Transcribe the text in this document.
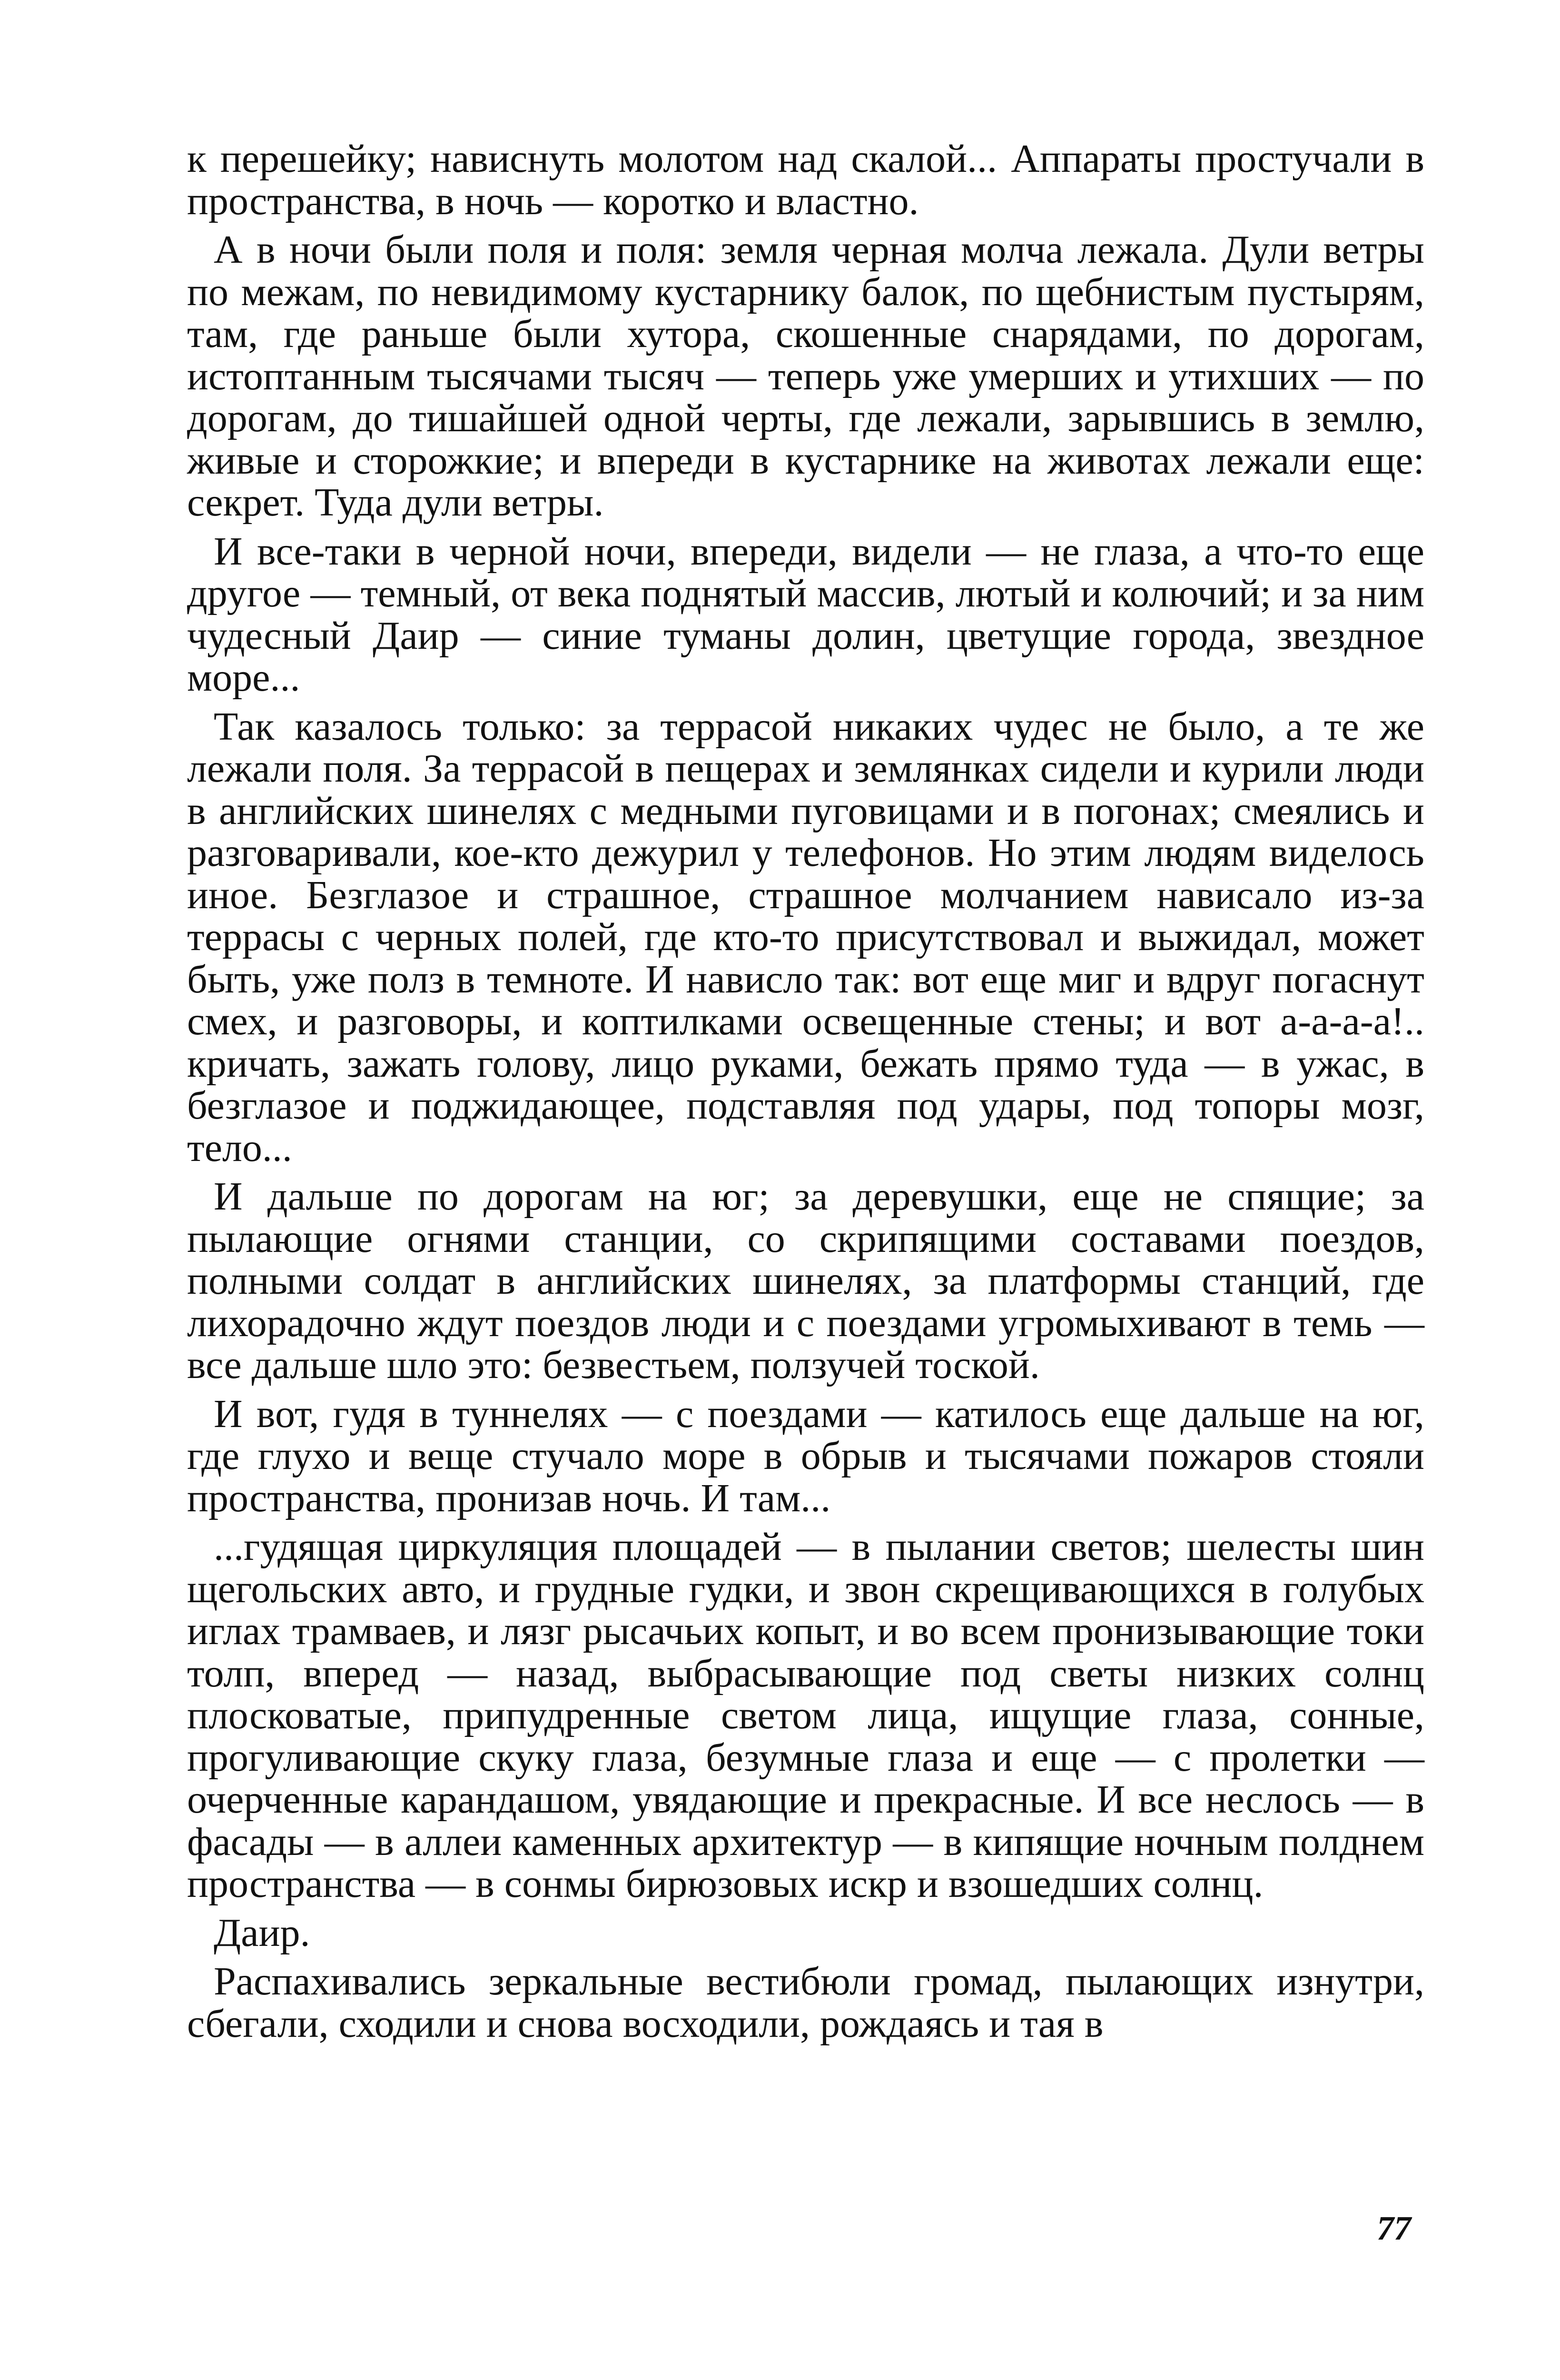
к перешейку; нависнуть молотом над скалой... Аппараты простучали в пространства, в ночь — коротко и властно.

А в ночи были поля и поля: земля черная молча лежала. Дули ветры по межам, по невидимому кустарнику балок, по щебнистым пустырям, там, где раньше были хутора, скошенные снарядами, по дорогам, истоптанным тысячами тысяч — теперь уже умерших и утихших — по дорогам, до тишайшей одной черты, где лежали, зарывшись в землю, живые и сторожкие; и впереди в кустарнике на животах лежали еще: секрет. Туда дули ветры.

И все-таки в черной ночи, впереди, видели — не глаза, а что-то еще другое — темный, от века поднятый массив, лютый и колючий; и за ним чудесный Даир — синие туманы долин, цветущие города, звездное море...

Так казалось только: за террасой никаких чудес не было, а те же лежали поля. За террасой в пещерах и землянках сидели и курили люди в английских шинелях с медными пуговицами и в погонах; смеялись и разговаривали, кое-кто дежурил у телефонов. Но этим людям виделось иное. Безглазое и страшное, страшное молчанием нависало из-за террасы с черных полей, где кто-то присутствовал и выжидал, может быть, уже полз в темноте. И нависло так: вот еще миг и вдруг погаснут смех, и разговоры, и коптилками освещенные стены; и вот а-а-а-а!.. кричать, зажать голову, лицо руками, бежать прямо туда — в ужас, в безглазое и поджидающее, подставляя под удары, под топоры мозг, тело...

И дальше по дорогам на юг; за деревушки, еще не спящие; за пылающие огнями станции, со скрипящими составами поездов, полными солдат в английских шинелях, за платформы станций, где лихорадочно ждут поездов люди и с поездами угромыхивают в темь — все дальше шло это: безвестьем, ползучей тоской.

И вот, гудя в туннелях — с поездами — катилось еще дальше на юг, где глухо и веще стучало море в обрыв и тысячами пожаров стояли пространства, пронизав ночь. И там...

...гудящая циркуляция площадей — в пылании светов; шелесты шин щегольских авто, и грудные гудки, и звон скрещивающихся в голубых иглах трамваев, и лязг рысачьих копыт, и во всем пронизывающие токи толп, вперед — назад, выбрасывающие под светы низких солнц плосковатые, припудренные светом лица, ищущие глаза, сонные, прогуливающие скуку глаза, безумные глаза и еще — с пролетки — очерченные карандашом, увядающие и прекрасные. И все неслось — в фасады — в аллеи каменных архитектур — в кипящие ночным полднем пространства — в сонмы бирюзовых искр и взошедших солнц.

Даир.

Распахивались зеркальные вестибюли громад, пылающих изнутри, сбегали, сходили и снова восходили, рождаясь и тая в

77
